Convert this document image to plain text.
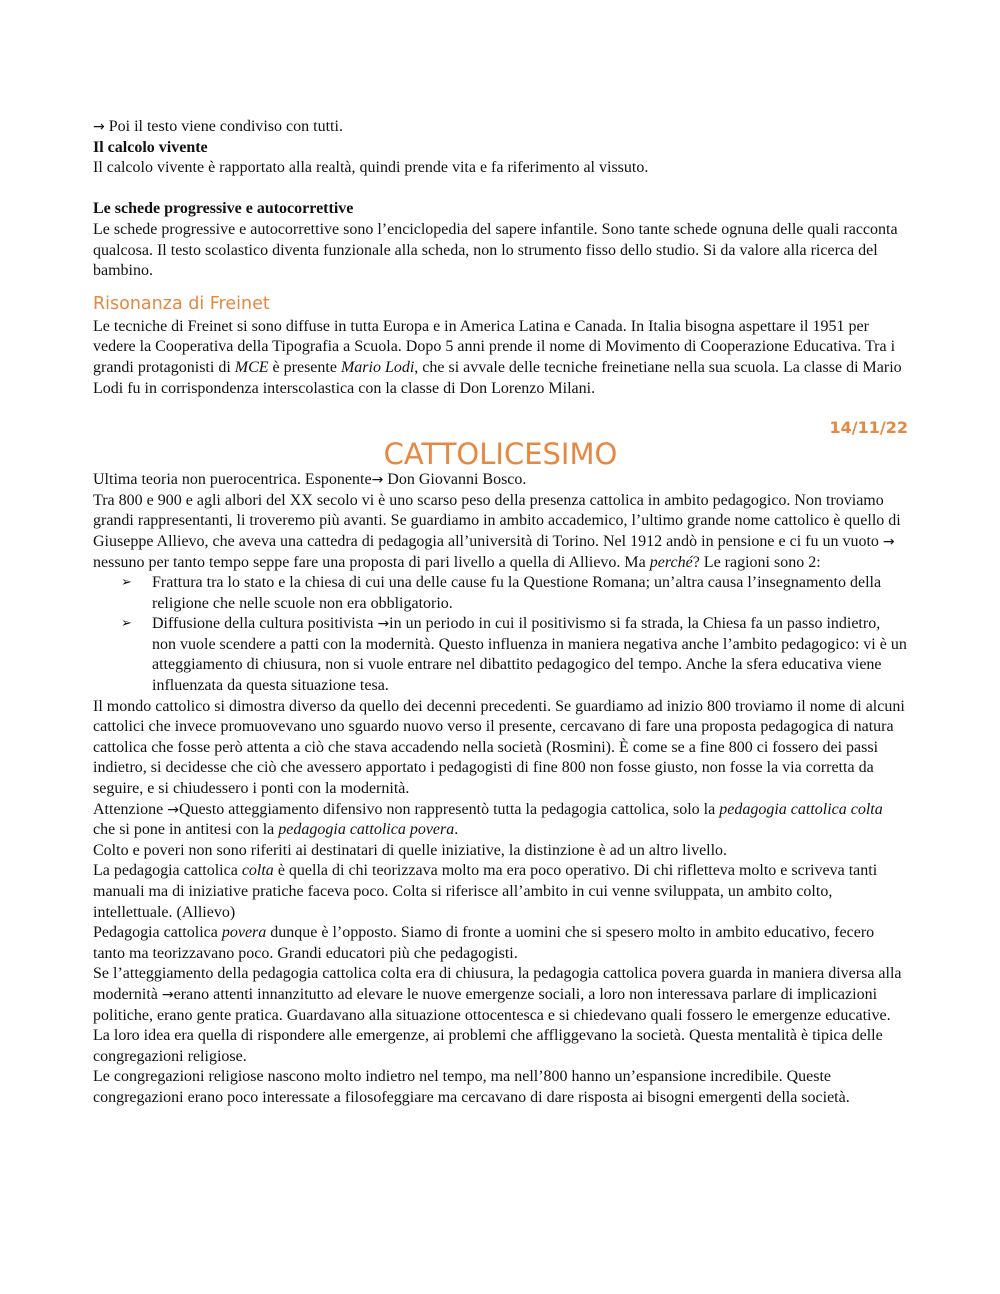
→ Poi il testo viene condiviso con tutti.

Il calcolo vivente

Il calcolo vivente è rapportato alla realtà, quindi prende vita e fa riferimento al vissuto.

Le schede progressive e autocorrettive

Le schede progressive e autocorrettive sono l’enciclopedia del sapere infantile. Sono tante schede ognuna delle quali racconta qualcosa. Il testo scolastico diventa funzionale alla scheda, non lo strumento fisso dello studio. Si da valore alla ricerca del bambino.

Risonanza di Freinet

Le tecniche di Freinet si sono diffuse in tutta Europa e in America Latina e Canada. In Italia bisogna aspettare il 1951 per vedere la Cooperativa della Tipografia a Scuola. Dopo 5 anni prende il nome di Movimento di Cooperazione Educativa. Tra i grandi protagonisti di MCE è presente Mario Lodi, che si avvale delle tecniche freinetiane nella sua scuola. La classe di Mario Lodi fu in corrispondenza interscolastica con la classe di Don Lorenzo Milani.

14/11/22

CATTOLICESIMO

Ultima teoria non puerocentrica. Esponente→ Don Giovanni Bosco.

Tra 800 e 900 e agli albori del XX secolo vi è uno scarso peso della presenza cattolica in ambito pedagogico. Non troviamo grandi rappresentanti, li troveremo più avanti. Se guardiamo in ambito accademico, l’ultimo grande nome cattolico è quello di Giuseppe Allievo, che aveva una cattedra di pedagogia all’università di Torino. Nel 1912 andò in pensione e ci fu un vuoto → nessuno per tanto tempo seppe fare una proposta di pari livello a quella di Allievo. Ma perché? Le ragioni sono 2:

➢ Frattura tra lo stato e la chiesa di cui una delle cause fu la Questione Romana; un’altra causa l’insegnamento della religione che nelle scuole non era obbligatorio.
➢ Diffusione della cultura positivista →in un periodo in cui il positivismo si fa strada, la Chiesa fa un passo indietro, non vuole scendere a patti con la modernità. Questo influenza in maniera negativa anche l’ambito pedagogico: vi è un atteggiamento di chiusura, non si vuole entrare nel dibattito pedagogico del tempo. Anche la sfera educativa viene influenzata da questa situazione tesa.

Il mondo cattolico si dimostra diverso da quello dei decenni precedenti. Se guardiamo ad inizio 800 troviamo il nome di alcuni cattolici che invece promuovevano uno sguardo nuovo verso il presente, cercavano di fare una proposta pedagogica di natura cattolica che fosse però attenta a ciò che stava accadendo nella società (Rosmini). È come se a fine 800 ci fossero dei passi indietro, si decidesse che ciò che avessero apportato i pedagogisti di fine 800 non fosse giusto, non fosse la via corretta da seguire, e si chiudessero i ponti con la modernità.

Attenzione →Questo atteggiamento difensivo non rappresentò tutta la pedagogia cattolica, solo la pedagogia cattolica colta che si pone in antitesi con la pedagogia cattolica povera.

Colto e poveri non sono riferiti ai destinatari di quelle iniziative, la distinzione è ad un altro livello.

La pedagogia cattolica colta è quella di chi teorizzava molto ma era poco operativo. Di chi rifletteva molto e scriveva tanti manuali ma di iniziative pratiche faceva poco. Colta si riferisce all’ambito in cui venne sviluppata, un ambito colto, intellettuale. (Allievo)

Pedagogia cattolica povera dunque è l’opposto. Siamo di fronte a uomini che si spesero molto in ambito educativo, fecero tanto ma teorizzavano poco. Grandi educatori più che pedagogisti.

Se l’atteggiamento della pedagogia cattolica colta era di chiusura, la pedagogia cattolica povera guarda in maniera diversa alla modernità →erano attenti innanzitutto ad elevare le nuove emergenze sociali, a loro non interessava parlare di implicazioni politiche, erano gente pratica. Guardavano alla situazione ottocentesca e si chiedevano quali fossero le emergenze educative. La loro idea era quella di rispondere alle emergenze, ai problemi che affliggevano la società. Questa mentalità è tipica delle congregazioni religiose.

Le congregazioni religiose nascono molto indietro nel tempo, ma nell’800 hanno un’espansione incredibile. Queste congregazioni erano poco interessate a filosofeggiare ma cercavano di dare risposta ai bisogni emergenti della società.
